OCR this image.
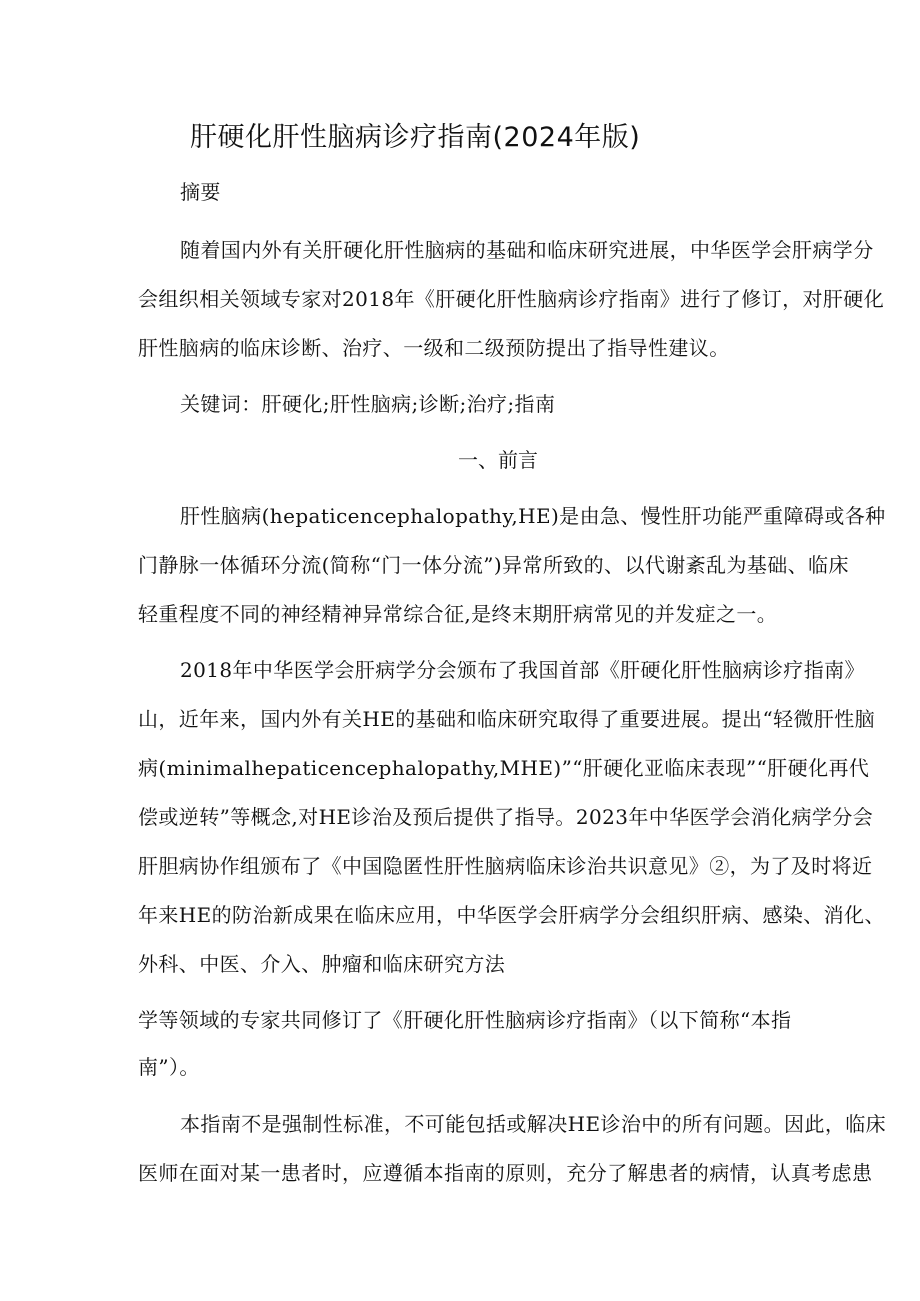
肝硬化肝性脑病诊疗指南(2024年版)
摘要
随着国内外有关肝硬化肝性脑病的基础和临床研究进展，中华医学会肝病学分
会组织相关领域专家对2018年《肝硬化肝性脑病诊疗指南》进行了修订，对肝硬化
肝性脑病的临床诊断、治疗、一级和二级预防提出了指导性建议。
关键词：肝硬化;肝性脑病;诊断;治疗;指南
一、前言
肝性脑病(hepaticencephalopathy,HE)是由急、慢性肝功能严重障碍或各种
门静脉一体循环分流(简称“门一体分流”)异常所致的、以代谢紊乱为基础、临床
轻重程度不同的神经精神异常综合征,是终末期肝病常见的并发症之一。
2018年中华医学会肝病学分会颁布了我国首部《肝硬化肝性脑病诊疗指南》
山，近年来，国内外有关HE的基础和临床研究取得了重要进展。提出“轻微肝性脑
病(minimalhepaticencephalopathy,MHE)”“肝硬化亚临床表现”“肝硬化再代
偿或逆转”等概念,对HE诊治及预后提供了指导。2023年中华医学会消化病学分会
肝胆病协作组颁布了《中国隐匿性肝性脑病临床诊治共识意见》②，为了及时将近
年来HE的防治新成果在临床应用，中华医学会肝病学分会组织肝病、感染、消化、
外科、中医、介入、肿瘤和临床研究方法
学等领域的专家共同修订了《肝硬化肝性脑病诊疗指南》（以下简称“本指
南”）。
本指南不是强制性标准，不可能包括或解决HE诊治中的所有问题。因此，临床
医师在面对某一患者时，应遵循本指南的原则，充分了解患者的病情，认真考虑患
